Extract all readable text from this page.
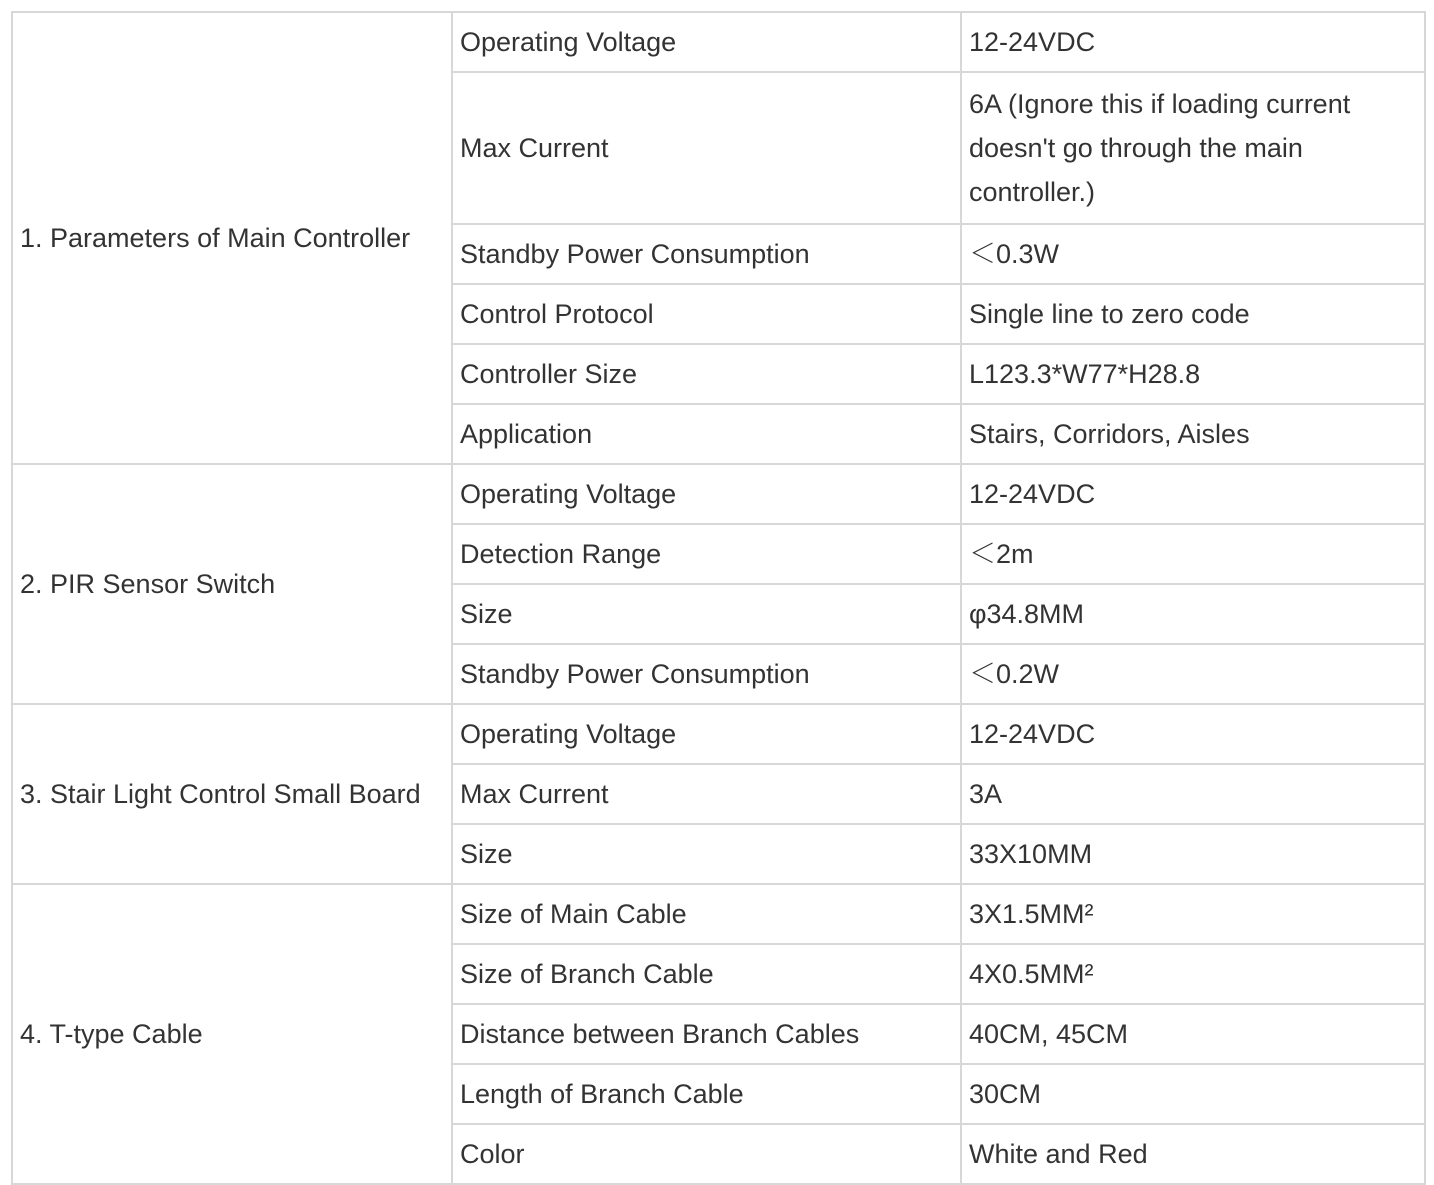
1. Parameters of Main Controller	Operating Voltage	12-24VDC
	Max Current	6A (Ignore this if loading current doesn't go through the main controller.)
	Standby Power Consumption	＜0.3W
	Control Protocol	Single line to zero code
	Controller Size	L123.3*W77*H28.8
	Application	Stairs, Corridors, Aisles
2. PIR Sensor Switch	Operating Voltage	12-24VDC
	Detection Range	＜2m
	Size	φ34.8MM
	Standby Power Consumption	＜0.2W
3. Stair Light Control Small Board	Operating Voltage	12-24VDC
	Max Current	3A
	Size	33X10MM
4. T-type Cable	Size of Main Cable	3X1.5MM²
	Size of Branch Cable	4X0.5MM²
	Distance between Branch Cables	40CM, 45CM
	Length of Branch Cable	30CM
	Color	White and Red
